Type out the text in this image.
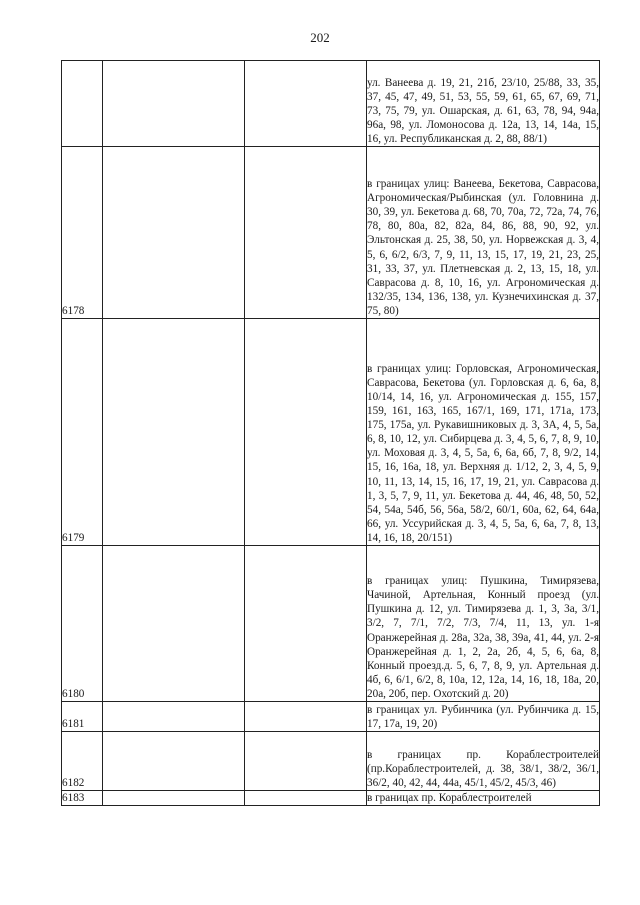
202

			ул. Ванеева д. 19, 21, 21б, 23/10, 25/88, 33, 35, 37, 45, 47, 49, 51, 53, 55, 59, 61, 65, 67, 69, 71, 73, 75, 79, ул. Ошарская, д. 61, 63, 78, 94, 94а, 96а, 98, ул. Ломоносова д. 12а, 13, 14, 14а, 15, 16, ул. Республиканская д. 2, 88, 88/1)

6178			в границах улиц: Ванеева, Бекетова, Саврасова, Агрономическая/Рыбинская (ул. Головнина д. 30, 39, ул. Бекетова д. 68, 70, 70а, 72, 72а, 74, 76, 78, 80, 80а, 82, 82а, 84, 86, 88, 90, 92, ул. Эльтонская д. 25, 38, 50, ул. Норвежская д. 3, 4, 5, 6, 6/2, 6/3, 7, 9, 11, 13, 15, 17, 19, 21, 23, 25, 31, 33, 37, ул. Плетневская д. 2, 13, 15, 18, ул. Саврасова д. 8, 10, 16, ул. Агрономическая д. 132/35, 134, 136, 138, ул. Кузнечихинская д. 37, 75, 80)

6179			в границах улиц: Горловская, Агрономическая, Саврасова, Бекетова (ул. Горловская д. 6, 6а, 8, 10/14, 14, 16, ул. Агрономическая д. 155, 157, 159, 161, 163, 165, 167/1, 169, 171, 171а, 173, 175, 175а, ул. Рукавишниковых д. 3, 3А, 4, 5, 5а, 6, 8, 10, 12, ул. Сибирцева д. 3, 4, 5, 6, 7, 8, 9, 10, ул. Моховая д. 3, 4, 5, 5а, 6, 6а, 6б, 7, 8, 9/2, 14, 15, 16, 16а, 18, ул. Верхняя д. 1/12, 2, 3, 4, 5, 9, 10, 11, 13, 14, 15, 16, 17, 19, 21, ул. Саврасова д. 1, 3, 5, 7, 9, 11, ул. Бекетова д. 44, 46, 48, 50, 52, 54, 54а, 54б, 56, 56а, 58/2, 60/1, 60а, 62, 64, 64а, 66, ул. Уссурийская д. 3, 4, 5, 5а, 6, 6а, 7, 8, 13, 14, 16, 18, 20/151)

6180			в границах улиц: Пушкина, Тимирязева, Чачиной, Артельная, Конный проезд (ул. Пушкина д. 12, ул. Тимирязева д. 1, 3, 3а, 3/1, 3/2, 7, 7/1, 7/2, 7/3, 7/4, 11, 13, ул. 1-я Оранжерейная д. 28а, 32а, 38, 39а, 41, 44, ул. 2-я Оранжерейная д. 1, 2, 2а, 2б, 4, 5, 6, 6а, 8, Конный проезд.д. 5, 6, 7, 8, 9, ул. Артельная д. 4б, 6, 6/1, 6/2, 8, 10а, 12, 12а, 14, 16, 18, 18а, 20, 20а, 20б, пер. Охотский д. 20)

6181			в границах ул. Рубинчика (ул. Рубинчика д. 15, 17, 17а, 19, 20)

6182			в границах пр. Кораблестроителей (пр.Кораблестроителей, д. 38, 38/1, 38/2, 36/1, 36/2, 40, 42, 44, 44а, 45/1, 45/2, 45/3, 46)

6183			в границах пр. Кораблестроителей
